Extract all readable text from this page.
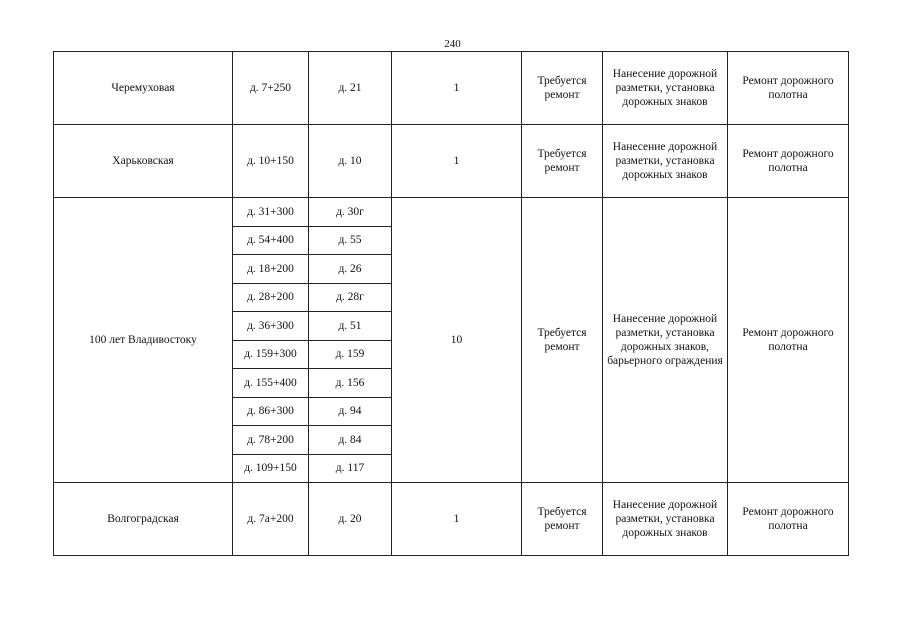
240
Черемуховая	д. 7+250	д. 21	1	Требуется ремонт	Нанесение дорожной разметки, установка дорожных знаков	Ремонт дорожного полотна
Харьковская	д. 10+150	д. 10	1	Требуется ремонт	Нанесение дорожной разметки, установка дорожных знаков	Ремонт дорожного полотна
100 лет Владивостоку	д. 31+300	д. 30г	10	Требуется ремонт	Нанесение дорожной разметки, установка дорожных знаков, барьерного ограждения	Ремонт дорожного полотна
	д. 54+400	д. 55				
	д. 18+200	д. 26				
	д. 28+200	д. 28г				
	д. 36+300	д. 51				
	д. 159+300	д. 159				
	д. 155+400	д. 156				
	д. 86+300	д. 94				
	д. 78+200	д. 84				
	д. 109+150	д. 117				
Волгоградская	д. 7а+200	д. 20	1	Требуется ремонт	Нанесение дорожной разметки, установка дорожных знаков	Ремонт дорожного полотна
